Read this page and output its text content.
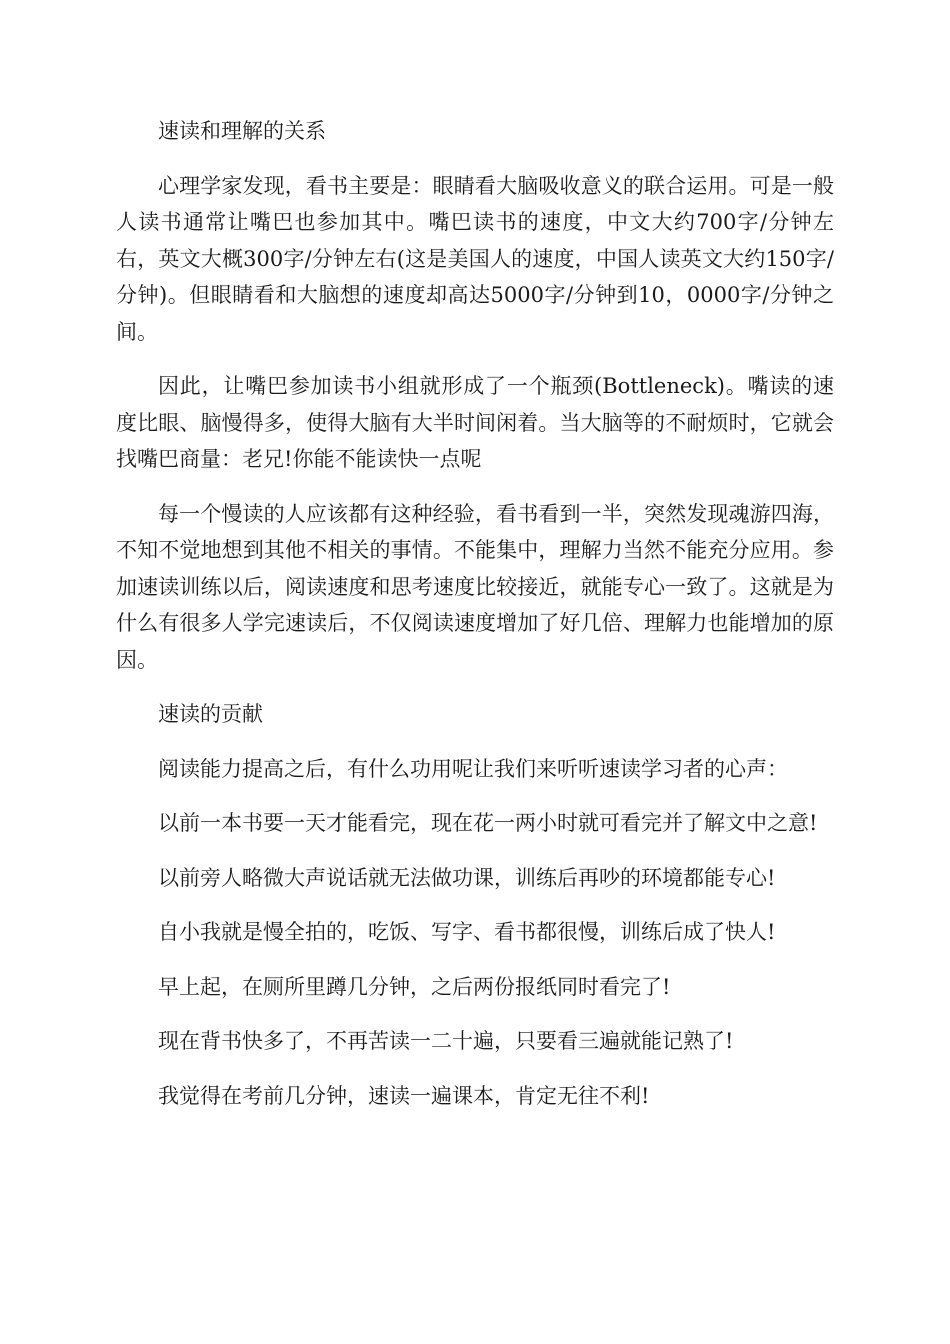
速读和理解的关系

心理学家发现，看书主要是：眼睛看大脑吸收意义的联合运用。可是一般人读书通常让嘴巴也参加其中。嘴巴读书的速度，中文大约700字/分钟左右，英文大概300字/分钟左右(这是美国人的速度，中国人读英文大约150字/分钟)。但眼睛看和大脑想的速度却高达5000字/分钟到10，0000字/分钟之间。

因此，让嘴巴参加读书小组就形成了一个瓶颈(Bottleneck)。嘴读的速度比眼、脑慢得多，使得大脑有大半时间闲着。当大脑等的不耐烦时，它就会找嘴巴商量：老兄!你能不能读快一点呢

每一个慢读的人应该都有这种经验，看书看到一半，突然发现魂游四海，不知不觉地想到其他不相关的事情。不能集中，理解力当然不能充分应用。参加速读训练以后，阅读速度和思考速度比较接近，就能专心一致了。这就是为什么有很多人学完速读后，不仅阅读速度增加了好几倍、理解力也能增加的原因。

速读的贡献

阅读能力提高之后，有什么功用呢让我们来听听速读学习者的心声：

以前一本书要一天才能看完，现在花一两小时就可看完并了解文中之意!

以前旁人略微大声说话就无法做功课，训练后再吵的环境都能专心!

自小我就是慢全拍的，吃饭、写字、看书都很慢，训练后成了快人!

早上起，在厕所里蹲几分钟，之后两份报纸同时看完了!

现在背书快多了，不再苦读一二十遍，只要看三遍就能记熟了!

我觉得在考前几分钟，速读一遍课本，肯定无往不利!
